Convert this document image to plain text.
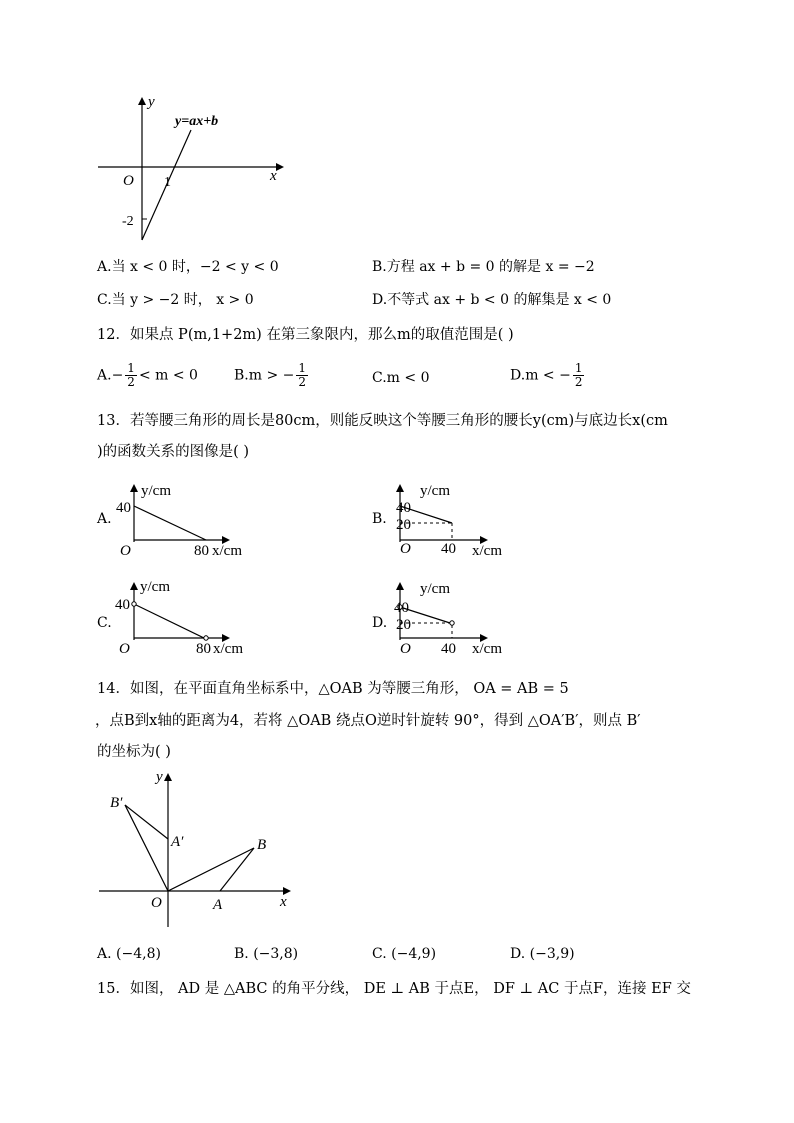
y
y=ax+b
x
O 1
-2
A.当 x < 0 时，−2 < y < 0	B.方程 ax + b = 0 的解是 x = −2
C.当 y > −2 时， x > 0	D.不等式 ax + b < 0 的解集是 x < 0
12．如果点 P(m,1+2m) 在第三象限内，那么m的取值范围是( )
$A.- \frac{1}{2} < m < 0$	B.m > − $\frac{1}{2}$	C.m < 0	D.m < − $\frac{1}{2}$
13．若等腰三角形的周长是80cm，则能反映这个等腰三角形的腰长y(cm)与底边长x(cm
)的函数关系的图像是( )
A.
y/cm
40
O	80 x/cm
B.
y/cm
40
20
O 40 x/cm
C.
y/cm
40
O	80 x/cm
D.
y/cm
40
20
O 40 x/cm
14．如图，在平面直角坐标系中，△OAB 为等腰三角形， OA = AB = 5
，点B到x轴的距离为4，若将 △OAB 绕点O逆时针旋转 90°，得到 △OA′B′，则点 B′
的坐标为( )
y
x
O	A
B
A′
B′
A. (−4,8)	B. (−3,8)	C. (−4,9)	D. (−3,9)
15．如图， AD 是 △ABC 的角平分线， DE ⊥ AB 于点E， DF ⊥ AC 于点F，连接 EF 交
